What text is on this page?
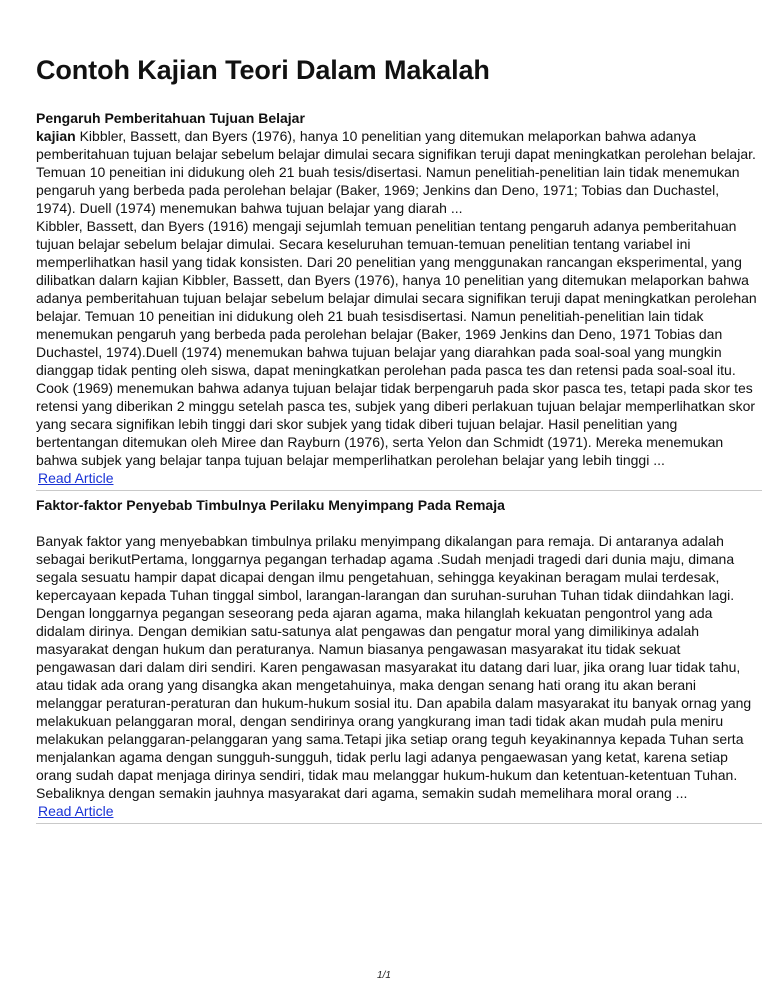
Contoh Kajian Teori Dalam Makalah
Pengaruh Pemberitahuan Tujuan Belajar
kajian Kibbler, Bassett, dan Byers (1976), hanya 10 penelitian yang ditemukan melaporkan bahwa adanya pemberitahuan tujuan belajar sebelum belajar dimulai secara signifikan teruji dapat meningkatkan perolehan belajar. Temuan 10 peneitian ini didukung oleh 21 buah tesis/disertasi. Namun penelitiah-penelitian lain tidak menemukan pengaruh yang berbeda pada perolehan belajar (Baker, 1969; Jenkins dan Deno, 1971; Tobias dan Duchastel, 1974). Duell (1974) menemukan bahwa tujuan belajar yang diarah ...
Kibbler, Bassett, dan Byers (1916) mengaji sejumlah temuan penelitian tentang pengaruh adanya pemberitahuan tujuan belajar sebelum belajar dimulai. Secara keseluruhan temuan-temuan penelitian tentang variabel ini memperlihatkan hasil yang tidak konsisten. Dari 20 penelitian yang menggunakan rancangan eksperimental, yang dilibatkan dalarn kajian Kibbler, Bassett, dan Byers (1976), hanya 10 penelitian yang ditemukan melaporkan bahwa adanya pemberitahuan tujuan belajar sebelum belajar dimulai secara signifikan teruji dapat meningkatkan perolehan belajar. Temuan 10 peneitian ini didukung oleh 21 buah tesisdisertasi. Namun penelitiah-penelitian lain tidak menemukan pengaruh yang berbeda pada perolehan belajar (Baker, 1969 Jenkins dan Deno, 1971 Tobias dan Duchastel, 1974).Duell (1974) menemukan bahwa tujuan belajar yang diarahkan pada soal-soal yang mungkin dianggap tidak penting oleh siswa, dapat meningkatkan perolehan pada pasca tes dan retensi pada soal-soal itu. Cook (1969) menemukan bahwa adanya tujuan belajar tidak berpengaruh pada skor pasca tes, tetapi pada skor tes retensi yang diberikan 2 minggu setelah pasca tes, subjek yang diberi perlakuan tujuan belajar memperlihatkan skor yang secara signifikan lebih tinggi dari skor subjek yang tidak diberi tujuan belajar. Hasil penelitian yang bertentangan ditemukan oleh Miree dan Rayburn (1976), serta Yelon dan Schmidt (1971). Mereka menemukan bahwa subjek yang belajar tanpa tujuan belajar memperlihatkan perolehan belajar yang lebih tinggi ...
Read Article
Faktor-faktor Penyebab Timbulnya Perilaku Menyimpang Pada Remaja
Banyak faktor yang menyebabkan timbulnya prilaku menyimpang dikalangan para remaja. Di antaranya adalah sebagai berikutPertama, longgarnya pegangan terhadap agama .Sudah menjadi tragedi dari dunia maju, dimana segala sesuatu hampir dapat dicapai dengan ilmu pengetahuan, sehingga keyakinan beragam mulai terdesak, kepercayaan kepada Tuhan tinggal simbol, larangan-larangan dan suruhan-suruhan Tuhan tidak diindahkan lagi. Dengan longgarnya pegangan seseorang peda ajaran agama, maka hilanglah kekuatan pengontrol yang ada didalam dirinya. Dengan demikian satu-satunya alat pengawas dan pengatur moral yang dimilikinya adalah masyarakat dengan hukum dan peraturanya. Namun biasanya pengawasan masyarakat itu tidak sekuat pengawasan dari dalam diri sendiri. Karen pengawasan masyarakat itu datang dari luar, jika orang luar tidak tahu, atau tidak ada orang yang disangka akan mengetahuinya, maka dengan senang hati orang itu akan berani melanggar peraturan-peraturan dan hukum-hukum sosial itu. Dan apabila dalam masyarakat itu banyak ornag yang melakukuan pelanggaran moral, dengan sendirinya orang yangkurang iman tadi tidak akan mudah pula meniru melakukan pelanggaran-pelanggaran yang sama.Tetapi jika setiap orang teguh keyakinannya kepada Tuhan serta menjalankan agama dengan sungguh-sungguh, tidak perlu lagi adanya pengaewasan yang ketat, karena setiap orang sudah dapat menjaga dirinya sendiri, tidak mau melanggar hukum-hukum dan ketentuan-ketentuan Tuhan. Sebaliknya dengan semakin jauhnya masyarakat dari agama, semakin sudah memelihara moral orang ...
Read Article
1/1
